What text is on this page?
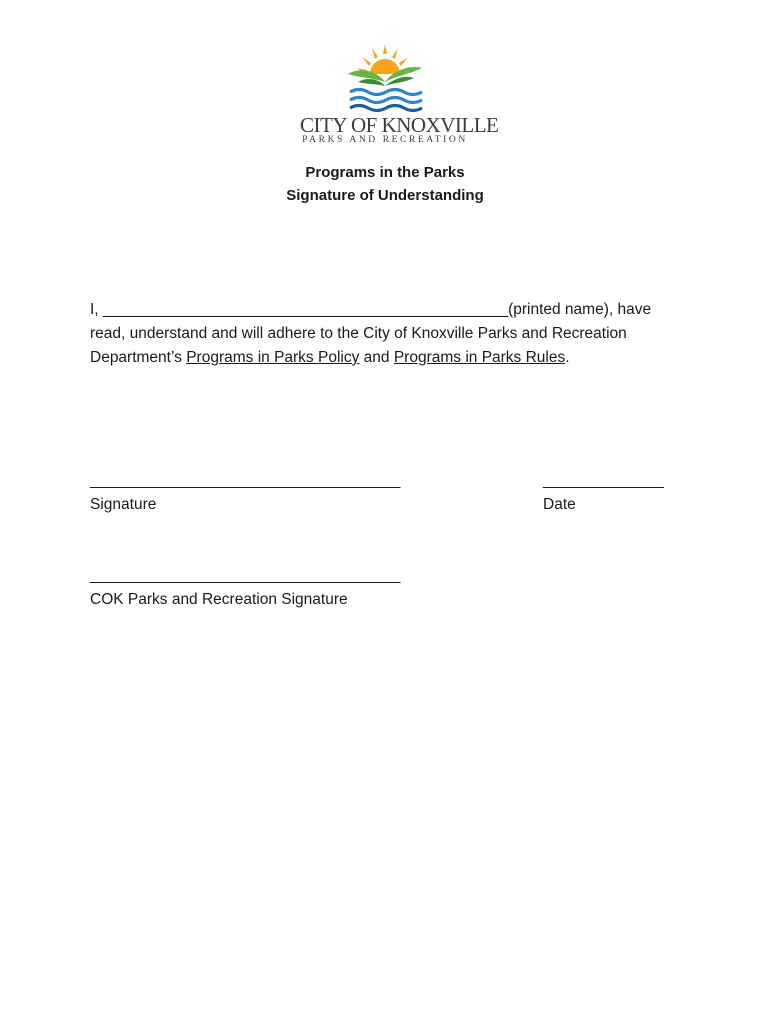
CITY OF KNOXVILLE
PARKS AND RECREATION
Programs in the Parks
Signature of Understanding
I, _______________________________________________(printed name), have
read, understand and will adhere to the City of Knoxville Parks and Recreation
Department’s Programs in Parks Policy and Programs in Parks Rules.
____________________________________
Signature
______________
Date
____________________________________
COK Parks and Recreation Signature
